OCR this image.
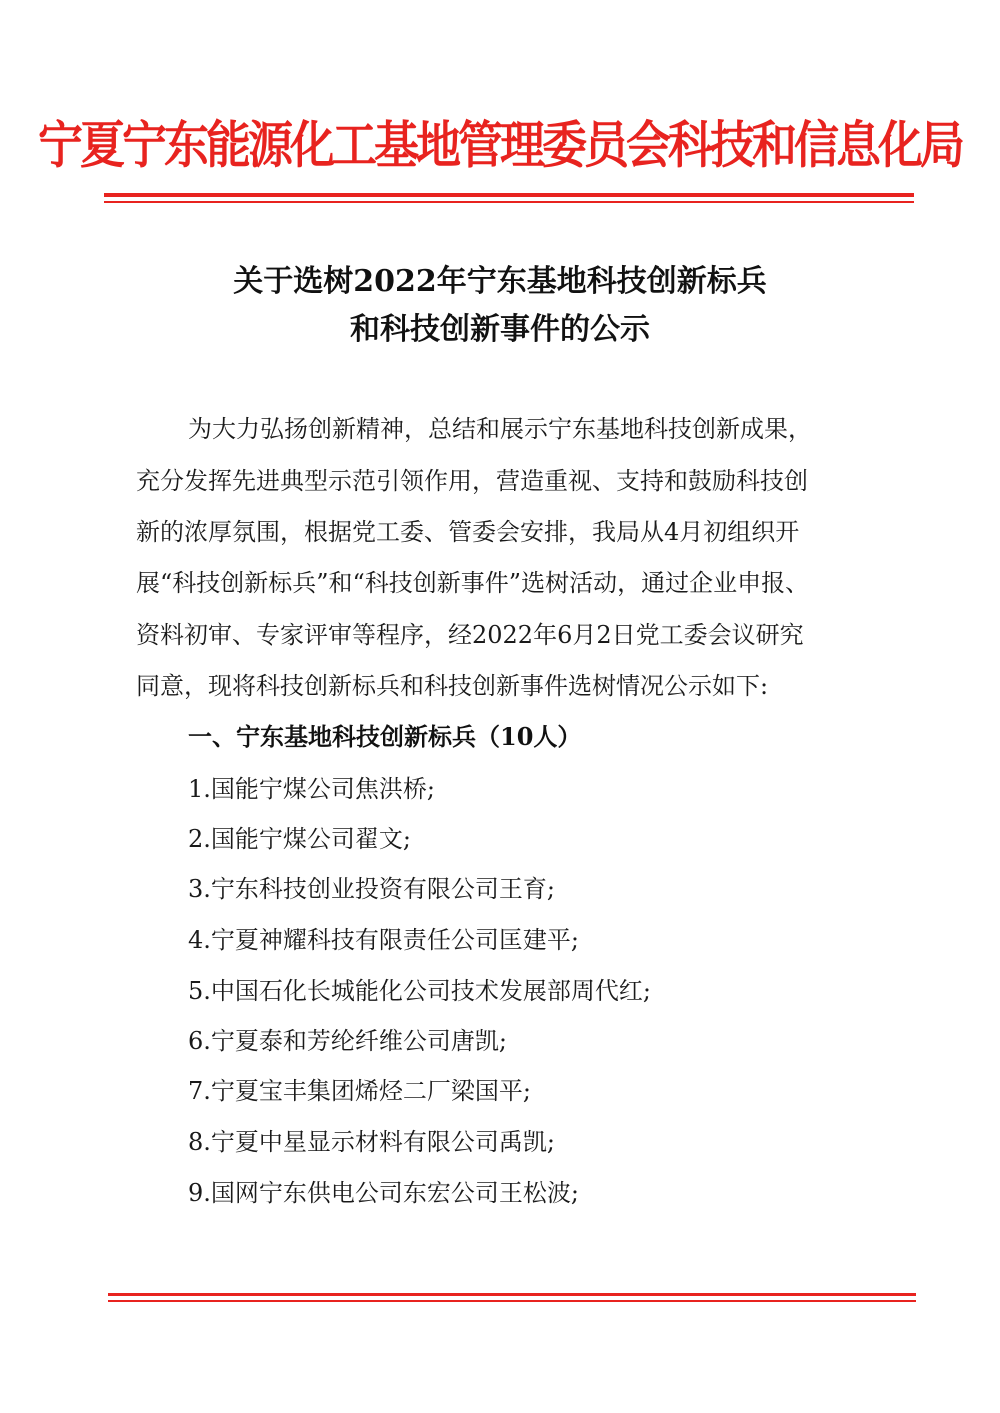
宁夏宁东能源化工基地管理委员会科技和信息化局
关于选树2022年宁东基地科技创新标兵
和科技创新事件的公示
为大力弘扬创新精神，总结和展示宁东基地科技创新成果，
充分发挥先进典型示范引领作用，营造重视、支持和鼓励科技创
新的浓厚氛围，根据党工委、管委会安排，我局从4月初组织开
展“科技创新标兵”和“科技创新事件”选树活动，通过企业申报、
资料初审、专家评审等程序，经2022年6月2日党工委会议研究
同意，现将科技创新标兵和科技创新事件选树情况公示如下:
一、宁东基地科技创新标兵（10人）
1.国能宁煤公司焦洪桥;
2.国能宁煤公司翟文;
3.宁东科技创业投资有限公司王育;
4.宁夏神耀科技有限责任公司匡建平;
5.中国石化长城能化公司技术发展部周代红;
6.宁夏泰和芳纶纤维公司唐凯;
7.宁夏宝丰集团烯烃二厂梁国平;
8.宁夏中星显示材料有限公司禹凯;
9.国网宁东供电公司东宏公司王松波;
